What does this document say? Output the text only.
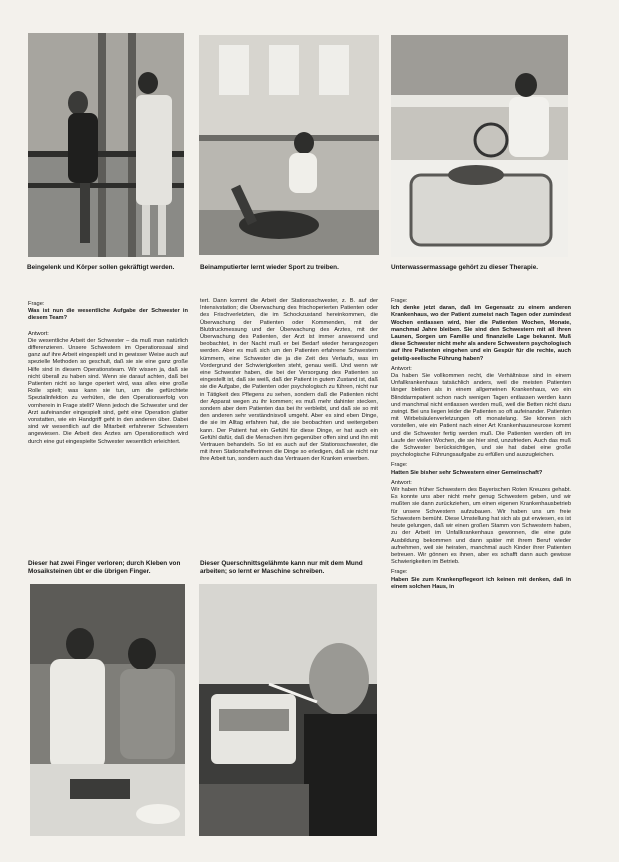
Beingelenk und Körper sollen gekräftigt werden.	Beinamputierter lernt wieder Sport zu treiben.	Unterwassermassage gehört zu dieser Therapie.
Frage:
Was ist nun die wesentliche Aufgabe der Schwester in diesem Team?
Antwort:

Die wesentliche Arbeit der Schwester – da muß man natürlich differenzieren. Unsere Schwestern im Operationssaal sind ganz auf ihre Arbeit eingespielt und in gewisser Weise auch auf spezielle Methoden so geschult, daß sie sie eine ganz große Hilfe sind in diesem Operationsteam. Wir wissen ja, daß sie nicht überall zu haben sind. Wenn sie darauf achten, daß bei Patienten nicht so lange operiert wird, was alles eine große Rolle spielt; was kann sie tun, um die gefürchtete Spezialinfektion zu verhüten, die den Operationserfolg von vornherein in Frage stellt? Wenn jedoch die Schwester und der Arzt aufeinander eingespielt sind, geht eine Operation glatter vonstatten, wie ein Handgriff geht in den anderen über. Dabei sind wir wesentlich auf die Mitarbeit erfahrener Schwestern angewiesen. Die Arbeit des Arztes am Operationstisch wird durch eine gut eingespielte Schwester wesentlich erleichtert.

tert. Dann kommt die Arbeit der Stationsschwester, z. B. auf der Intensivstation; die Überwachung des frischoperierten Patienten oder des Frischverletzten, die im Schockzustand hereinkommen, die Überwachung der Patienten oder Kommenden, mit der Blutdruckmessung und der Überwachung des Arztes, mit der Überwachung des Patienten, der Arzt ist immer anwesend und beobachtet, in der Nacht muß er bei Bedarf wieder herangezogen werden. Aber es muß sich um den Patienten erfahrene Schwestern kümmern, eine Schwester die ja die Zeit des Verlaufs, was im Vordergrund der Schwierigkeiten steht, genau weiß. Und wenn wir eine Schwester haben, die bei der Versorgung des Patienten so eingestellt ist, daß sie weiß, daß der Patient in gutem Zustand ist, daß sie die Aufgabe, die Patienten oder psychologisch zu führen, nicht nur in Tätigkeit des Pflegens zu sehen, sondern daß die Patienten nicht der Apparat wegen zu ihr kommen; es muß mehr dahinter stecken, sondern aber dem Patienten das bei ihr verbleibt, und daß sie so mit den anderen sehr verständnisvoll umgeht. Aber es sind eben Dinge, die sie im Alltag erfahren hat, die sie beobachten und weitergeben kann. Der Patient hat ein Gefühl für diese Dinge, er hat auch ein Gefühl dafür, daß die Menschen ihm gegenüber offen sind und ihn mit Vertrauen behandeln. So ist es auch auf der Stationsschwester, die mit ihren Stationshelferinnen die Dinge so erledigen, daß sie nicht nur ihre Arbeit tun, sondern auch das Vertrauen der Kranken erwerben.

Frage:
Ich denke jetzt daran, daß im Gegensatz zu einem anderen Krankenhaus, wo der Patient zumeist nach Tagen oder zumindest Wochen entlassen wird, hier die Patienten Wochen, Monate, manchmal Jahre bleiben. Sie sind den Schwestern mit all ihren Launen, Sorgen um Familie und finanzielle Lage bekannt. Muß diese Schwester nicht mehr als andere Schwestern psychologisch auf ihre Patienten eingehen und ein Gespür für die rechte, auch geistig-seelische Führung haben?
Antwort:

Da haben Sie vollkommen recht, die Verhältnisse sind in einem Unfallkrankenhaus tatsächlich anders, weil die meisten Patienten länger bleiben als in einem allgemeinen Krankenhaus, wo ein Blinddarmpatient schon nach wenigen Tagen entlassen werden kann und manchmal nicht entlassen werden muß, weil die Betten nicht dazu zwingt. Bei uns liegen leider die Patienten so oft aufeinander. Patienten mit Wirbelsäulenverletzungen oft monatelang. Sie können sich vorstellen, wie ein Patient nach einer Art Krankenhausneurose kommt und die Schwester fertig werden muß. Die Patienten werden oft im Laufe der vielen Wochen, die sie hier sind, unzufrieden. Auch das muß die Schwester berücksichtigen, und sie hat dabei eine große psychologische Führungsaufgabe zu erfüllen und auszugleichen.

Frage:
Hatten Sie bisher sehr Schwestern einer Gemeinschaft?
Antwort:

Wir haben früher Schwestern des Bayerischen Roten Kreuzes gehabt. Es konnte uns aber nicht mehr genug Schwestern geben, und wir mußten sie dann zurückziehen, um einen eigenen Krankenhausbetrieb für unsere Schwestern aufzubauen. Wir haben uns um freie Schwestern bemüht. Diese Umstellung hat sich als gut erwiesen, es ist heute gelungen, daß wir einen großen Stamm von Schwestern haben, zu der Arbeit im Unfallkrankenhaus gewonnen, die eine gute Ausbildung bekommen und dann später mit ihrem Beruf wieder aufnehmen, weil sie heiraten, manchmal auch Kinder ihrer Patienten betreuen. Wir gönnen es ihnen, aber es schafft dann auch gewisse Schwierigkeiten im Betrieb.

Frage:
Haben Sie zum Krankenpflegeort ich keinen mit denken, daß in einem solchen Haus, in
Dieser hat zwei Finger verloren; durch Kleben von Mosaiksteinen übt er die übrigen Finger.
Dieser Querschnittsgelähmte kann nur mit dem Mund arbeiten; so lernt er Maschine schreiben.
